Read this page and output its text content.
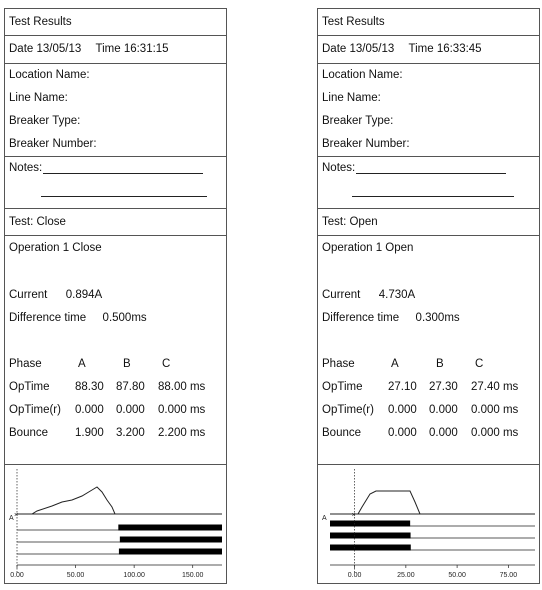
Test Results
Date 13/05/13 Time 16:31:15
Location Name:
Line Name:
Breaker Type:
Breaker Number:
Notes:
Test: Close
Operation 1 Close
Current 0.894A
Difference time 0.500ms
Phase	A	B	C
OpTime 88.30 87.80 88.00 ms
OpTime(r) 0.000 0.000 0.000 ms
Bounce 1.900 3.200 2.200 ms
A
0.00	50.00	100.00	150.00
×
Test Results
Date 13/05/13 Time 16:33:45
Location Name:
Line Name:
Breaker Type:
Breaker Number:
Notes:
Test: Open
Operation 1 Open
Current 4.730A
Difference time 0.300ms
Phase	A	B	C
OpTime 27.10 27.30 27.40 ms
OpTime(r) 0.000 0.000 0.000 ms
Bounce 0.000 0.000 0.000 ms
A
0.00	25.00	50.00	75.00
×
